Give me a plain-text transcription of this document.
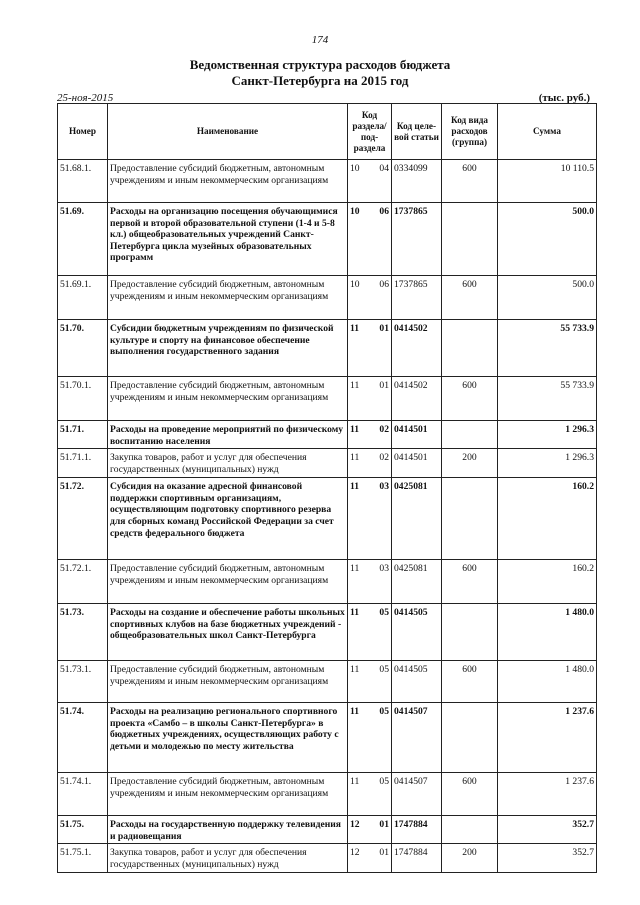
174
Ведомственная структура расходов бюджета
Санкт-Петербурга на 2015 год
25-ноя-2015	(тыс. руб.)
Номер	Наименование	Код раздела/ под-раздела	Код целе-вой статьи	Код вида расходов (группа)	Сумма
51.68.1.	Предоставление субсидий бюджетным, автономным учреждениям и иным некоммерческим организациям	10 04	0334099	600	10 110.5
51.69.	Расходы на организацию посещения обучающимися первой и второй образовательной ступени (1-4 и 5-8 кл.) общеобразовательных учреждений Санкт-Петербурга цикла музейных образовательных программ	10 06	1737865		500.0
51.69.1.	Предоставление субсидий бюджетным, автономным учреждениям и иным некоммерческим организациям	10 06	1737865	600	500.0
51.70.	Субсидии бюджетным учреждениям по физической культуре и спорту на финансовое обеспечение выполнения государственного задания	11 01	0414502		55 733.9
51.70.1.	Предоставление субсидий бюджетным, автономным учреждениям и иным некоммерческим организациям	11 01	0414502	600	55 733.9
51.71.	Расходы на проведение мероприятий по физическому воспитанию населения	11 02	0414501		1 296.3
51.71.1.	Закупка товаров, работ и услуг для обеспечения государственных (муниципальных) нужд	11 02	0414501	200	1 296.3
51.72.	Субсидия на оказание адресной финансовой поддержки спортивным организациям, осуществляющим подготовку спортивного резерва для сборных команд Российской Федерации за счет средств федерального бюджета	11 03	0425081		160.2
51.72.1.	Предоставление субсидий бюджетным, автономным учреждениям и иным некоммерческим организациям	11 03	0425081	600	160.2
51.73.	Расходы на создание и обеспечение работы школьных спортивных клубов на базе бюджетных учреждений - общеобразовательных школ Санкт-Петербурга	11 05	0414505		1 480.0
51.73.1.	Предоставление субсидий бюджетным, автономным учреждениям и иным некоммерческим организациям	11 05	0414505	600	1 480.0
51.74.	Расходы на реализацию регионального спортивного проекта «Самбо – в школы Санкт-Петербурга» в бюджетных учреждениях, осуществляющих работу с детьми и молодежью по месту жительства	11 05	0414507		1 237.6
51.74.1.	Предоставление субсидий бюджетным, автономным учреждениям и иным некоммерческим организациям	11 05	0414507	600	1 237.6
51.75.	Расходы на государственную поддержку телевидения и радиовещания	12 01	1747884		352.7
51.75.1.	Закупка товаров, работ и услуг для обеспечения государственных (муниципальных) нужд	12 01	1747884	200	352.7
